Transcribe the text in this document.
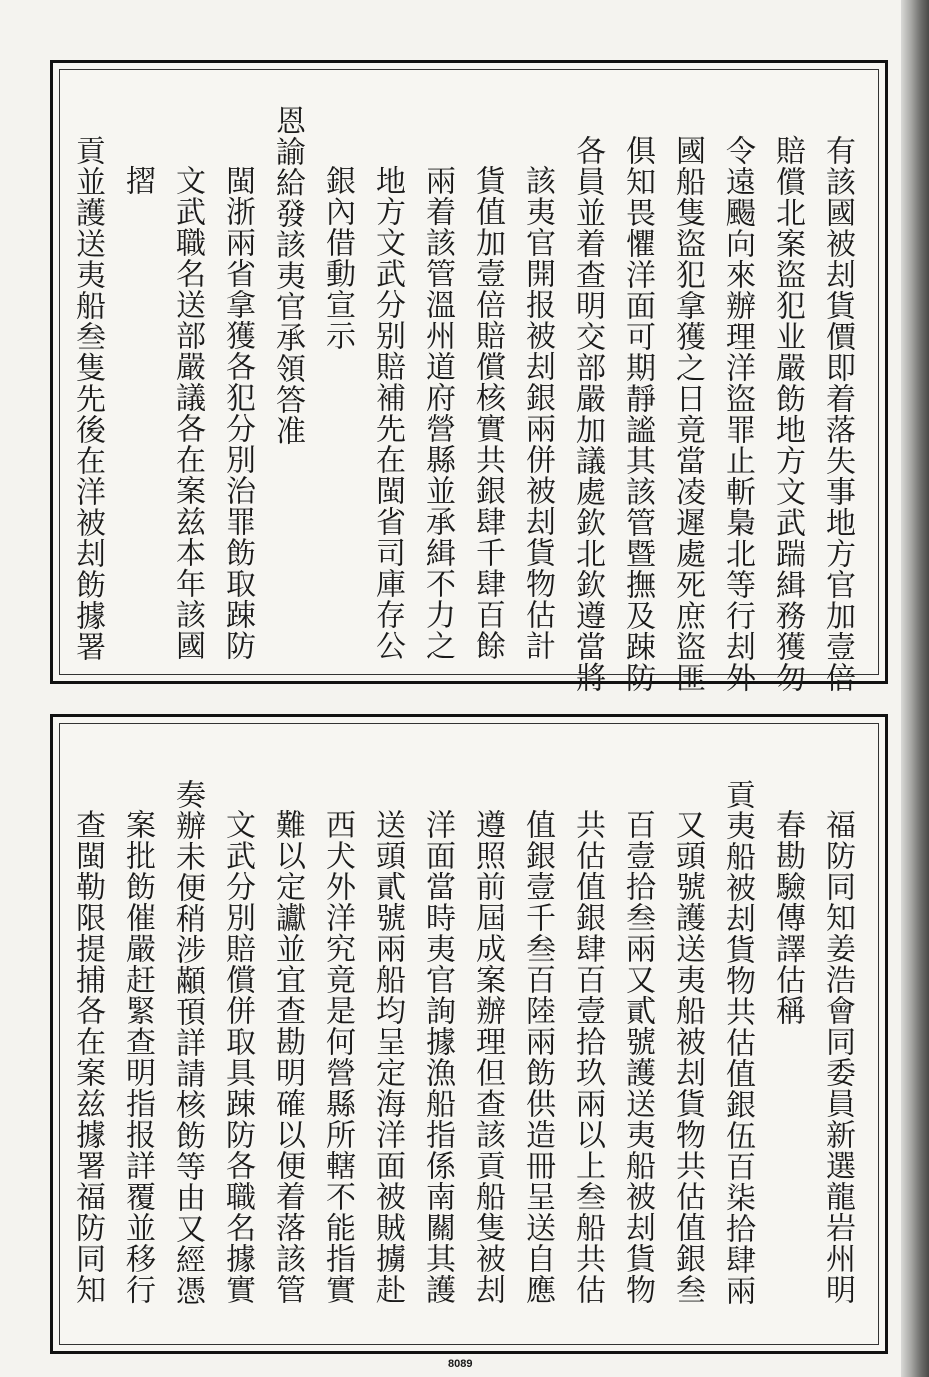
有該國被刦貨價即着落失事地方官加壹倍
賠償北案盜犯业嚴飭地方文武踹緝務獲勿
令遠颺向來辦理洋盜罪止斬梟北等行刦外
國船隻盜犯拿獲之日竟當凌遲處死庶盜匪
俱知畏懼洋面可期靜謐其該管暨撫及踈防
各員並着查明交部嚴加議處欽北欽遵當將
該夷官開报被刦銀兩併被刦貨物估計
貨值加壹倍賠償核實共銀肆千肆百餘
兩着該管溫州道府營縣並承緝不力之
地方文武分别賠補先在閩省司庫存公
銀內借動宣示
恩諭給發該夷官承領答准
閩浙兩省拿獲各犯分別治罪飭取踈防
文武職名送部嚴議各在案兹本年該國
摺
貢並護送夷船叁隻先後在洋被刦飭據署
福防同知姜浩會同委員新選龍岩州明
春勘驗傳譯估稱
貢夷船被刦貨物共估值銀伍百柒拾肆兩
又頭號護送夷船被刦貨物共估值銀叁
百壹拾叁兩又貳號護送夷船被刦貨物
共估值銀肆百壹拾玖兩以上叁船共估
值銀壹千叁百陸兩飭供造冊呈送自應
遵照前屆成案辦理但查該貢船隻被刦
洋面當時夷官詢據漁船指係南關其護
送頭貳號兩船均呈定海洋面被賊擄赴
西犬外洋究竟是何營縣所轄不能指實
難以定讞並宜查勘明確以便着落該管
文武分別賠償併取具踈防各職名據實
奏辦未便稍涉顢頇詳請核飭等由又經憑
案批飭催嚴赶緊查明指报詳覆並移行
查閩勒限提捕各在案兹據署福防同知
8089
